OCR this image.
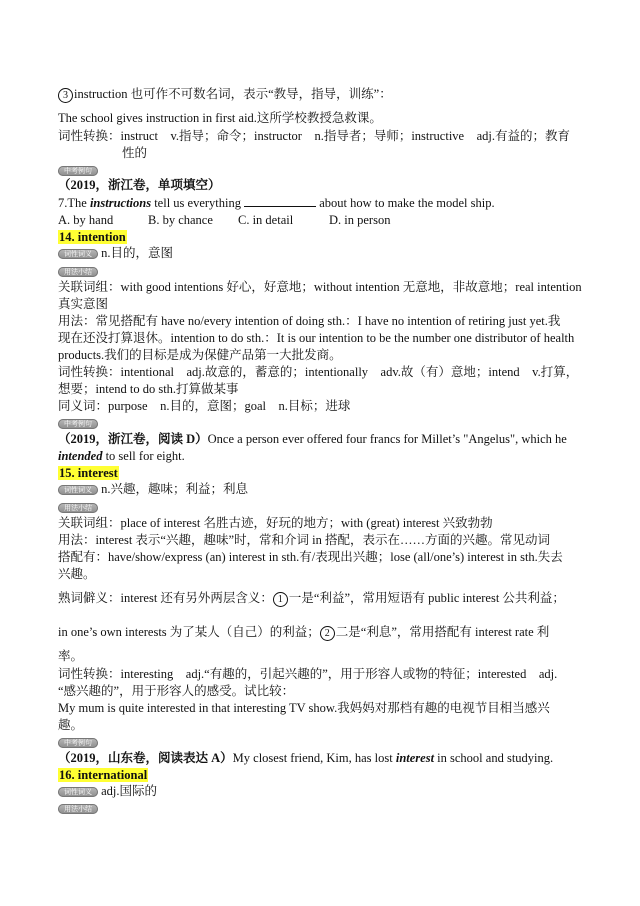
3 instruction 也可作不可数名词，表示“教导，指导，训练”：
The school gives instruction in first aid.这所学校教授急救课。
词性转换：instruct　v.指导；命令；instructor　n.指导者；导师；instructive　adj.有益的；教育
性的
中考例句
（2019，浙江卷，单项填空）
7.The instructions tell us everything	about how to make the model ship.
A. by hand	B. by chance C. in detail	D. in person
14. intention
词性词义 n.目的，意图
用法小结
关联词组：with good intentions 好心，好意地；without intention 无意地，非故意地；real intention
真实意图
用法：常见搭配有 have no/every intention of doing sth.：I have no intention of retiring just yet.我
现在还没打算退休。intention to do sth.：It is our intention to be the number one distributor of health
products.我们的目标是成为保健产品第一大批发商。
词性转换：intentional　adj.故意的，蓄意的；intentionally　adv.故（有）意地；intend　v.打算，
想要；intend to do sth.打算做某事
同义词：purpose　n.目的，意图；goal　n.目标；进球
中考例句
（2019，浙江卷，阅读 D）Once a person ever offered four francs for Millet’s "Angelus", which he
intended to sell for eight.
15. interest
词性词义 n.兴趣，趣味；利益；利息
用法小结
关联词组：place of interest 名胜古迹，好玩的地方；with (great) interest 兴致勃勃
用法：interest 表示“兴趣，趣味”时，常和介词 in 搭配，表示在……方面的兴趣。常见动词
搭配有：have/show/express (an) interest in sth.有/表现出兴趣；lose (all/one’s) interest in sth.失去
兴趣。
熟词僻义：interest 还有另外两层含义： 1 一是“利益”，常用短语有 public interest 公共利益；
in one’s own interests 为了某人（自己）的利益； 2 二是“利息”，常用搭配有 interest rate 利
率。
词性转换：interesting　adj.“有趣的，引起兴趣的”，用于形容人或物的特征；interested　adj.
“感兴趣的”，用于形容人的感受。试比较：
My mum is quite interested in that interesting TV show.我妈妈对那档有趣的电视节目相当感兴
趣。
中考例句
（2019，山东卷，阅读表达 A）My closest friend, Kim, has lost interest in school and studying.
16. international
词性词义 adj.国际的
用法小结
